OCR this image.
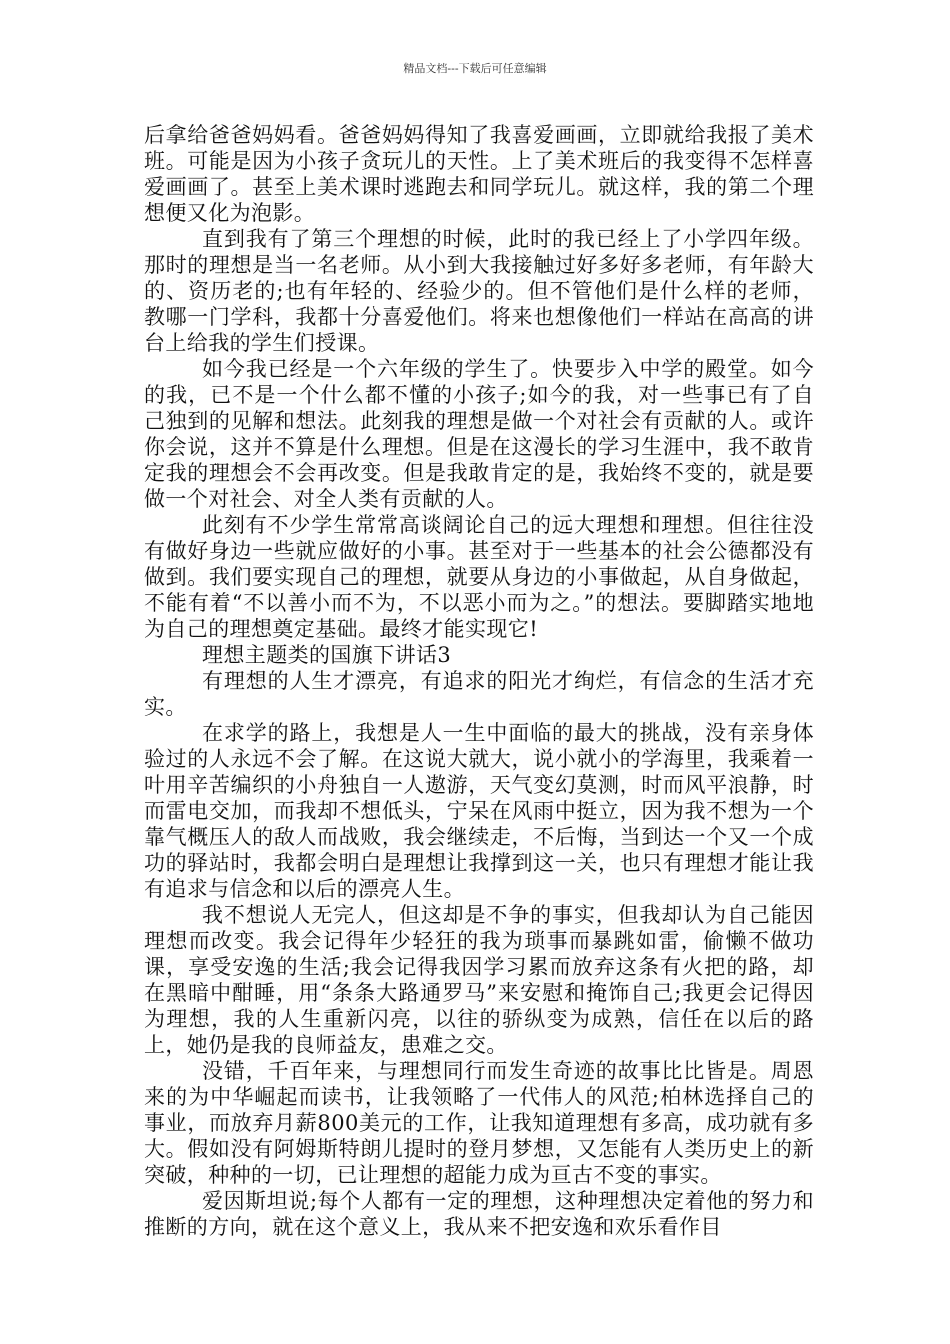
精品文档---下载后可任意编辑

后拿给爸爸妈妈看。爸爸妈妈得知了我喜爱画画，立即就给我报了美术班。可能是因为小孩子贪玩儿的天性。上了美术班后的我变得不怎样喜爱画画了。甚至上美术课时逃跑去和同学玩儿。就这样，我的第二个理想便又化为泡影。

直到我有了第三个理想的时候，此时的我已经上了小学四年级。那时的理想是当一名老师。从小到大我接触过好多好多老师，有年龄大的、资历老的;也有年轻的、经验少的。但不管他们是什么样的老师，教哪一门学科，我都十分喜爱他们。将来也想像他们一样站在高高的讲台上给我的学生们授课。

如今我已经是一个六年级的学生了。快要步入中学的殿堂。如今的我，已不是一个什么都不懂的小孩子;如今的我，对一些事已有了自己独到的见解和想法。此刻我的理想是做一个对社会有贡献的人。或许你会说，这并不算是什么理想。但是在这漫长的学习生涯中，我不敢肯定我的理想会不会再改变。但是我敢肯定的是，我始终不变的，就是要做一个对社会、对全人类有贡献的人。

此刻有不少学生常常高谈阔论自己的远大理想和理想。但往往没有做好身边一些就应做好的小事。甚至对于一些基本的社会公德都没有做到。我们要实现自己的理想，就要从身边的小事做起，从自身做起，不能有着“不以善小而不为，不以恶小而为之。”的想法。要脚踏实地地为自己的理想奠定基础。最终才能实现它!

理想主题类的国旗下讲话3

有理想的人生才漂亮，有追求的阳光才绚烂，有信念的生活才充实。

在求学的路上，我想是人一生中面临的最大的挑战，没有亲身体验过的人永远不会了解。在这说大就大，说小就小的学海里，我乘着一叶用辛苦编织的小舟独自一人遨游，天气变幻莫测，时而风平浪静，时而雷电交加，而我却不想低头，宁呆在风雨中挺立，因为我不想为一个靠气概压人的敌人而战败，我会继续走，不后悔，当到达一个又一个成功的驿站时，我都会明白是理想让我撑到这一关，也只有理想才能让我有追求与信念和以后的漂亮人生。

我不想说人无完人，但这却是不争的事实，但我却认为自己能因理想而改变。我会记得年少轻狂的我为琐事而暴跳如雷，偷懒不做功课，享受安逸的生活;我会记得我因学习累而放弃这条有火把的路，却在黑暗中酣睡，用“条条大路通罗马”来安慰和掩饰自己;我更会记得因为理想，我的人生重新闪亮，以往的骄纵变为成熟，信任在以后的路上，她仍是我的良师益友，患难之交。

没错，千百年来，与理想同行而发生奇迹的故事比比皆是。周恩来的为中华崛起而读书，让我领略了一代伟人的风范;柏林选择自己的事业，而放弃月薪800美元的工作，让我知道理想有多高，成功就有多大。假如没有阿姆斯特朗儿提时的登月梦想，又怎能有人类历史上的新突破，种种的一切，已让理想的超能力成为亘古不变的事实。

爱因斯坦说;每个人都有一定的理想，这种理想决定着他的努力和推断的方向，就在这个意义上，我从来不把安逸和欢乐看作目
